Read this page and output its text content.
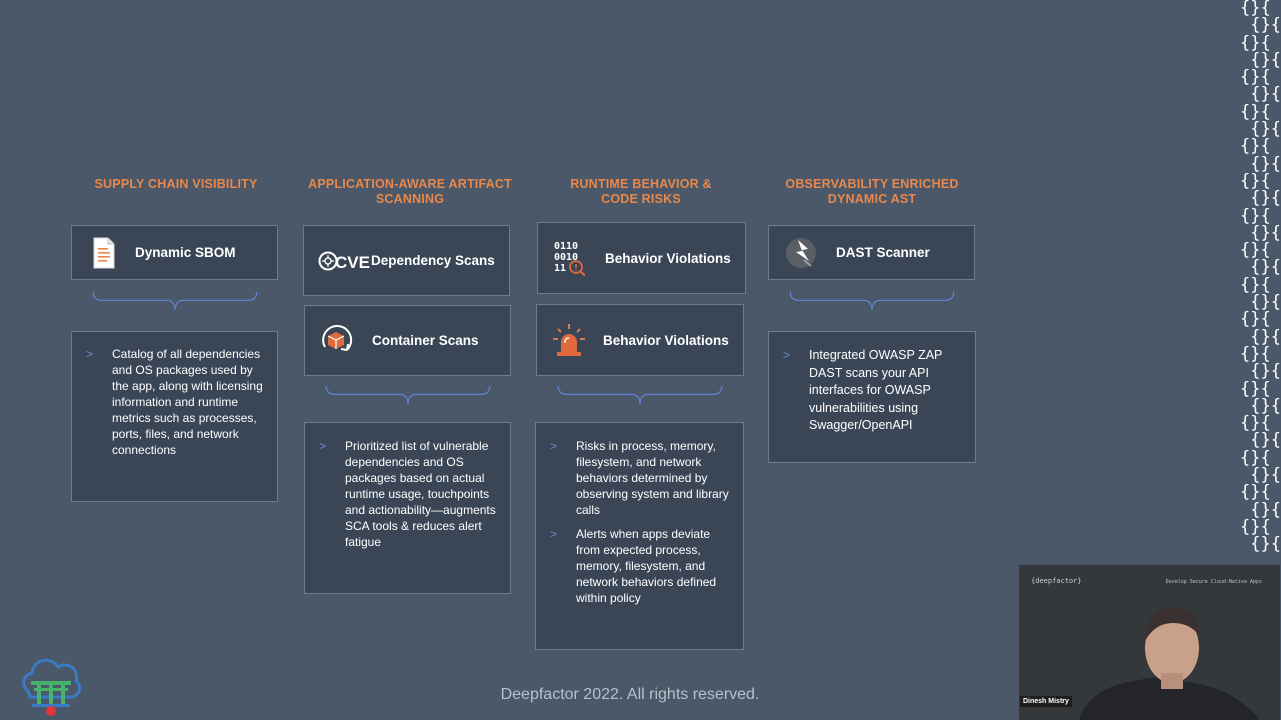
SUPPLY CHAIN VISIBILITY	APPLICATION-AWARE ARTIFACT SCANNING
RUNTIME BEHAVIOR & CODE RISKS
OBSERVABILITY ENRICHED DYNAMIC AST
Dynamic SBOM
>	Catalog of all dependencies and OS packages used by the app, along with licensing information and runtime metrics such as processes, ports, files, and network connections
CVE Dependency Scans
Container Scans
>	Prioritized list of vulnerable dependencies and OS packages based on actual runtime usage, touchpoints and actionability—augments SCA tools & reduces alert fatigue
0110
0010
11
Behavior Violations
Behavior Violations
>	Risks in process, memory, filesystem, and network behaviors determined by observing system and library calls
>	Alerts when apps deviate from expected process, memory, filesystem, and network behaviors defined within policy
DAST Scanner
>	Integrated OWASP ZAP DAST scans your API interfaces for OWASP vulnerabilities using Swagger/OpenAPI
{}{
{}{
{}{
{}{
{}{
{}{
{}{
{}{
{}{
{}{
{}{
{}{
{}{
{}{
{}{
{}{
{}{
{}{
{}{
{}{
{}{
{}{
{}{
{}{
{}{
{}{
{}{
{}{
{}{
{}{
{}{
{}{
Deepfactor 2022. All rights reserved.
{deepfactor}	Develop Secure Cloud-Native Apps
Dinesh Mistry
